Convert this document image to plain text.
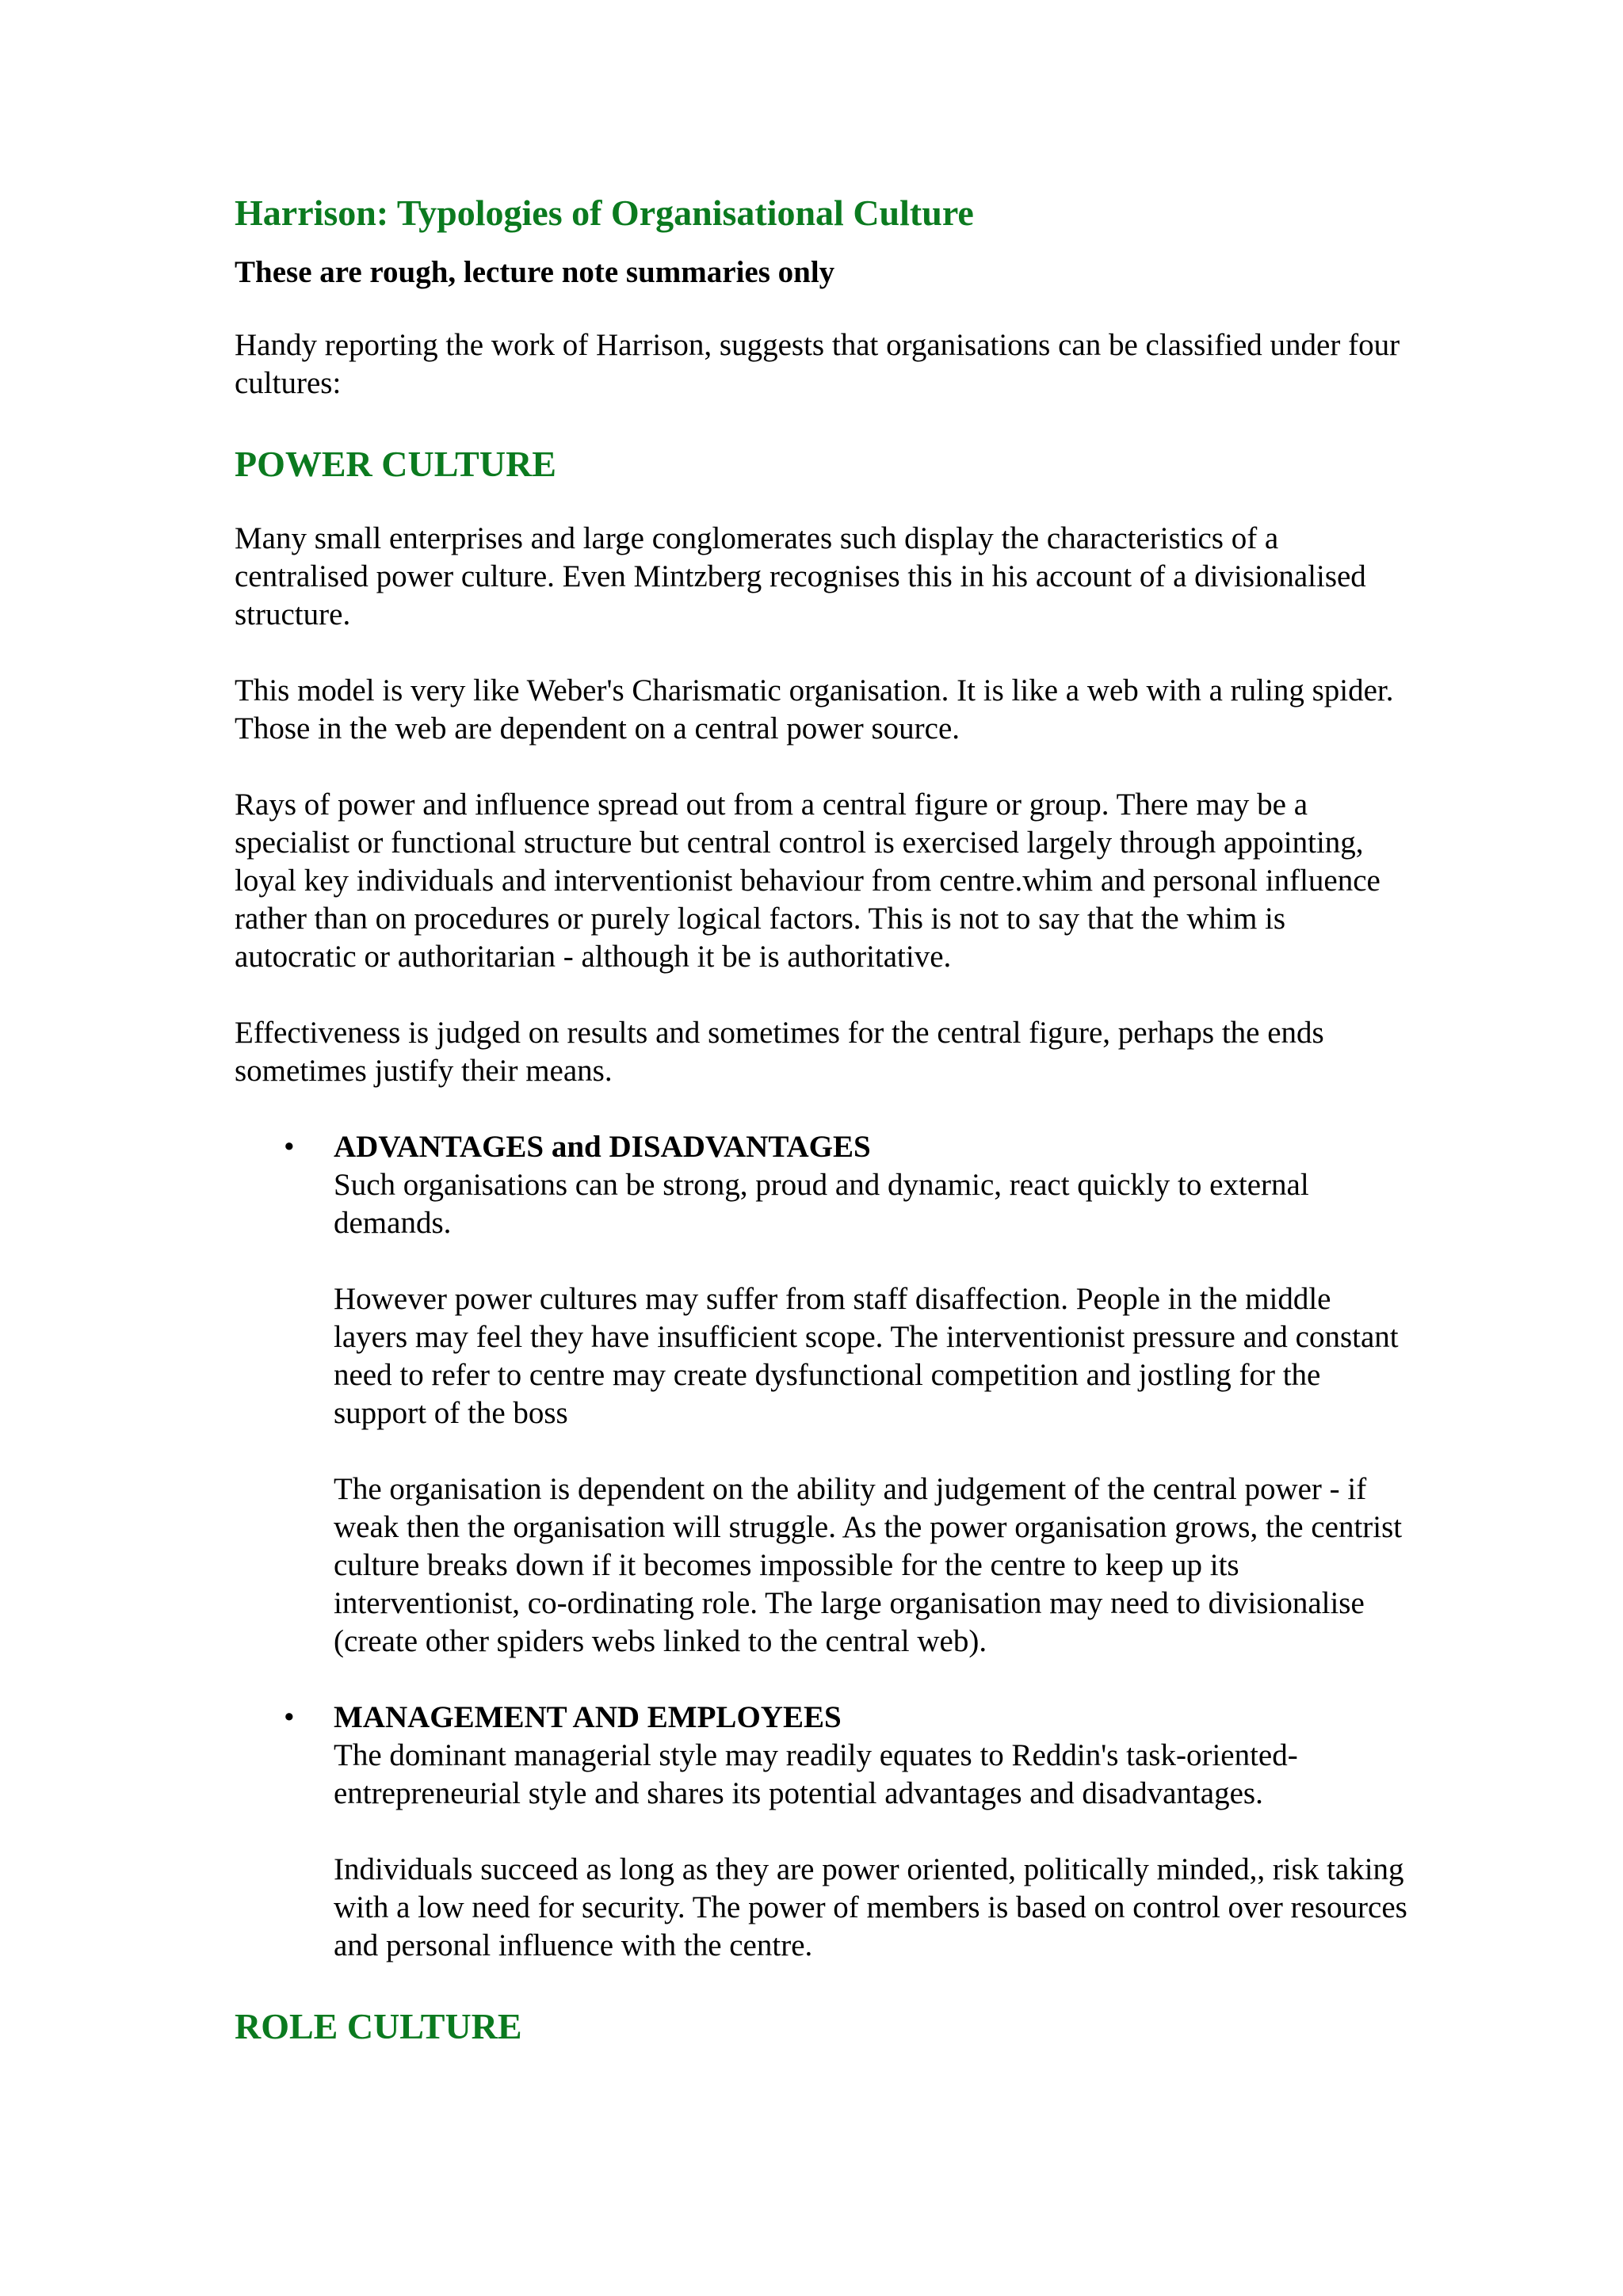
Harrison: Typologies of Organisational Culture
These are rough, lecture note summaries only

Handy reporting the work of Harrison, suggests that organisations can be classified under four cultures:

POWER CULTURE

Many small enterprises and large conglomerates such display the characteristics of a centralised power culture. Even Mintzberg recognises this in his account of a divisionalised structure.

This model is very like Weber's Charismatic organisation. It is like a web with a ruling spider. Those in the web are dependent on a central power source.

Rays of power and influence spread out from a central figure or group. There may be a specialist or functional structure but central control is exercised largely through appointing, loyal key individuals and interventionist behaviour from centre.whim and personal influence rather than on procedures or purely logical factors. This is not to say that the whim is autocratic or authoritarian - although it be is authoritative.

Effectiveness is judged on results and sometimes for the central figure, perhaps the ends sometimes justify their means.

• ADVANTAGES and DISADVANTAGES
Such organisations can be strong, proud and dynamic, react quickly to external demands.
However power cultures may suffer from staff disaffection. People in the middle layers may feel they have insufficient scope. The interventionist pressure and constant need to refer to centre may create dysfunctional competition and jostling for the support of the boss
The organisation is dependent on the ability and judgement of the central power - if weak then the organisation will struggle. As the power organisation grows, the centrist culture breaks down if it becomes impossible for the centre to keep up its interventionist, co-ordinating role. The large organisation may need to divisionalise (create other spiders webs linked to the central web).
• MANAGEMENT AND EMPLOYEES
The dominant managerial style may readily equates to Reddin's task-oriented-entrepreneurial style and shares its potential advantages and disadvantages.
Individuals succeed as long as they are power oriented, politically minded,, risk taking with a low need for security. The power of members is based on control over resources and personal influence with the centre.
ROLE CULTURE
